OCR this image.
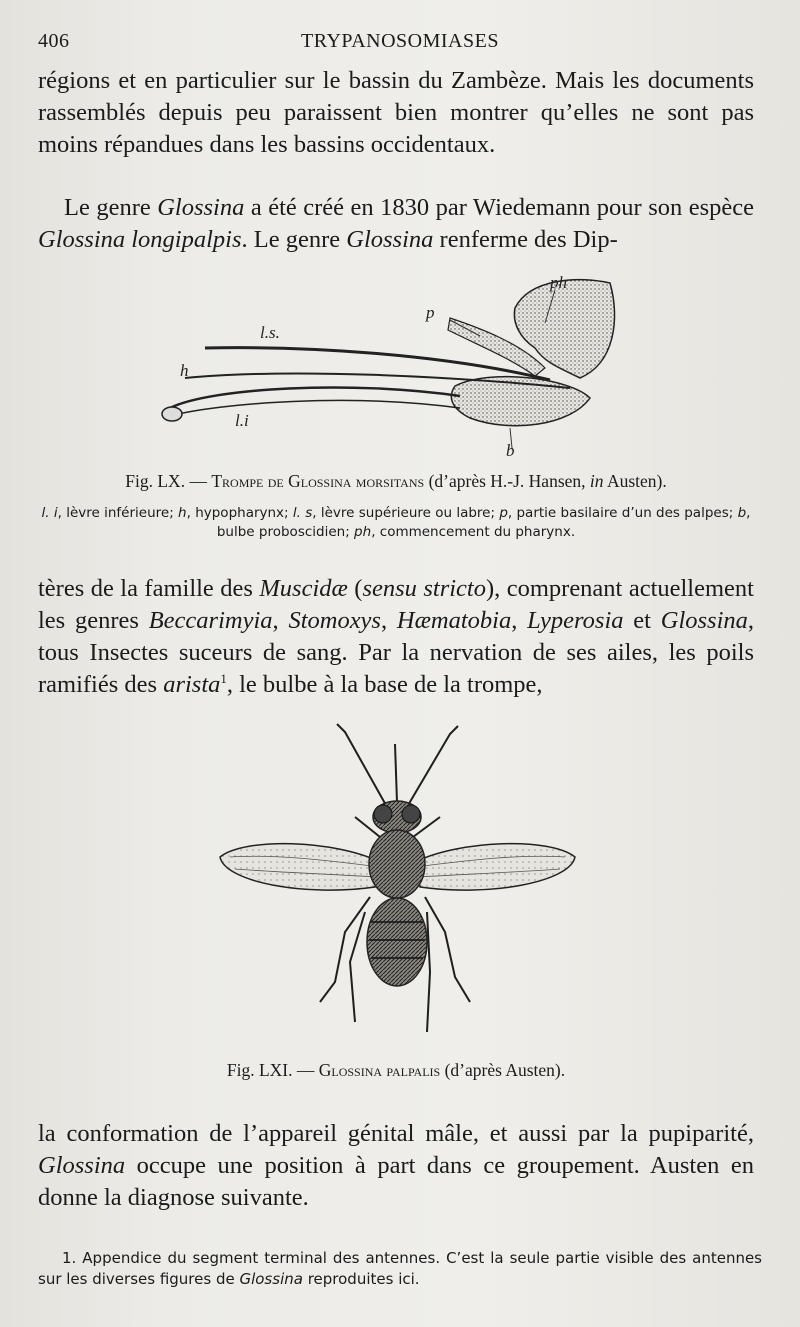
406	TRYPANOSOMIASES
régions et en particulier sur le bassin du Zambèze. Mais les documents rassemblés depuis peu paraissent bien montrer qu’elles ne sont pas moins répandues dans les bassins occidentaux.
Le genre Glossina a été créé en 1830 par Wiedemann pour son espèce Glossina longipalpis. Le genre Glossina renferme des Dip-
ph
p
l.s.
h
l.i
b
Fig. LX. — Trompe de Glossina morsitans (d’après H.-J. Hansen, in Austen).
l. i, lèvre inférieure; h, hypopharynx; l. s, lèvre supérieure ou labre; p, partie basilaire d’un des palpes; b, bulbe proboscidien; ph, commencement du pharynx.
tères de la famille des Muscidæ (sensu stricto), comprenant actuellement les genres Beccarimyia, Stomoxys, Hæmatobia, Lyperosia et Glossina, tous Insectes suceurs de sang. Par la nervation de ses ailes, les poils ramifiés des arista$^1$, le bulbe à la base de la trompe,
Fig. LXI. — Glossina palpalis (d’après Austen).
la conformation de l’appareil génital mâle, et aussi par la pupiparité, Glossina occupe une position à part dans ce groupement. Austen en donne la diagnose suivante.
1. Appendice du segment terminal des antennes. C’est la seule partie visible des antennes sur les diverses figures de Glossina reproduites ici.
